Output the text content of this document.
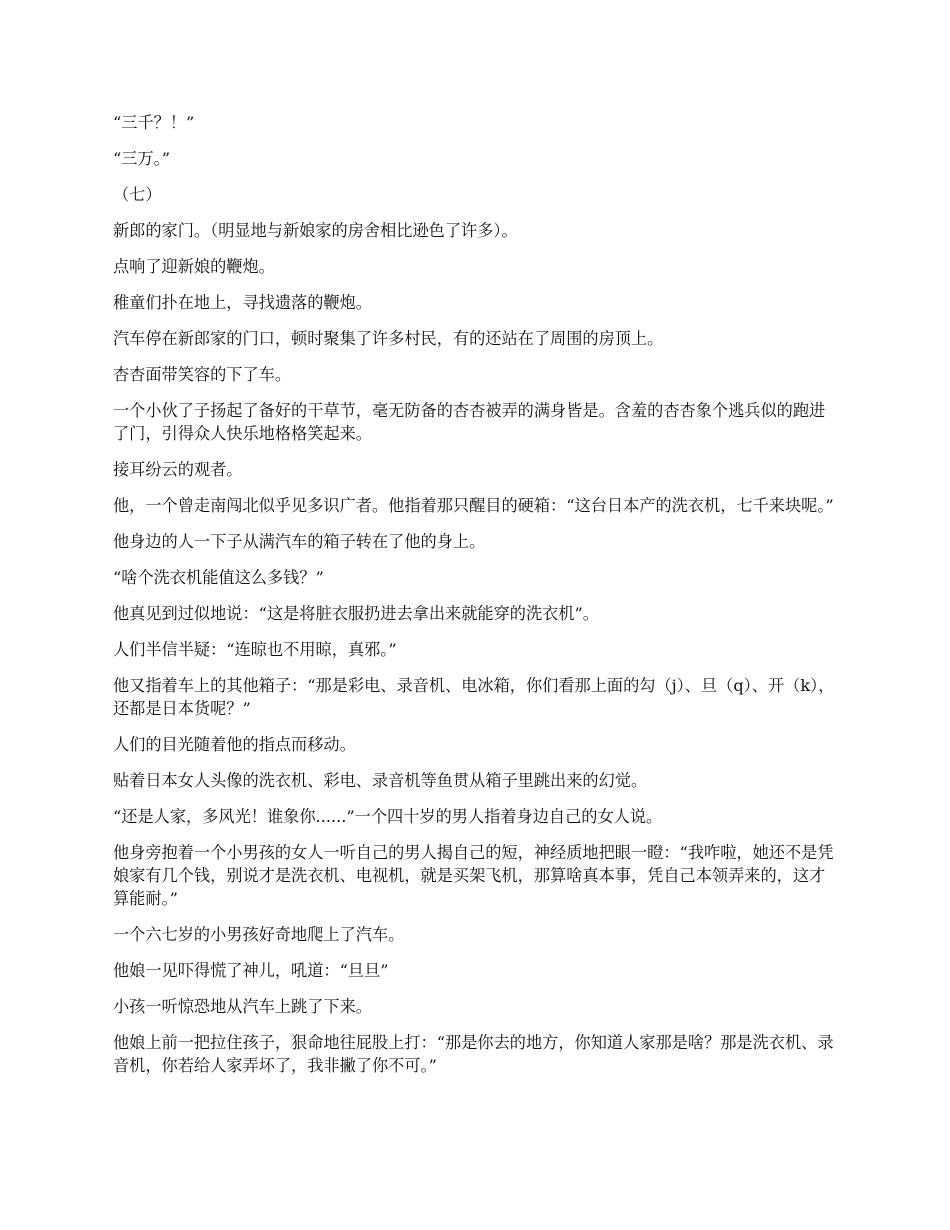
“三千？！”

“三万。”

（七）

新郎的家门。（明显地与新娘家的房舍相比逊色了许多）。

点响了迎新娘的鞭炮。

稚童们扑在地上，寻找遗落的鞭炮。

汽车停在新郎家的门口，顿时聚集了许多村民，有的还站在了周围的房顶上。

杏杏面带笑容的下了车。

一个小伙了子扬起了备好的干草节，毫无防备的杏杏被弄的满身皆是。含羞的杏杏象个逃兵似的跑进了门，引得众人快乐地格格笑起来。

接耳纷云的观者。

他，一个曾走南闯北似乎见多识广者。他指着那只醒目的硬箱：“这台日本产的洗衣机，七千来块呢。”

他身边的人一下子从满汽车的箱子转在了他的身上。

“啥个洗衣机能值这么多钱？”

他真见到过似地说：“这是将脏衣服扔进去拿出来就能穿的洗衣机”。

人们半信半疑：“连晾也不用晾，真邪。”

他又指着车上的其他箱子：“那是彩电、录音机、电冰箱，你们看那上面的勾（j）、旦（q）、开（k），还都是日本货呢？”

人们的目光随着他的指点而移动。

贴着日本女人头像的洗衣机、彩电、录音机等鱼贯从箱子里跳出来的幻觉。

“还是人家，多风光！谁象你......”一个四十岁的男人指着身边自己的女人说。

他身旁抱着一个小男孩的女人一听自己的男人揭自己的短，神经质地把眼一瞪：“我咋啦，她还不是凭娘家有几个钱，别说才是洗衣机、电视机，就是买架飞机，那算啥真本事，凭自己本领弄来的，这才算能耐。”

一个六七岁的小男孩好奇地爬上了汽车。

他娘一见吓得慌了神儿，吼道：“旦旦”

小孩一听惊恐地从汽车上跳了下来。

他娘上前一把拉住孩子，狠命地往屁股上打：“那是你去的地方，你知道人家那是啥？那是洗衣机、录音机，你若给人家弄坏了，我非撇了你不可。”
